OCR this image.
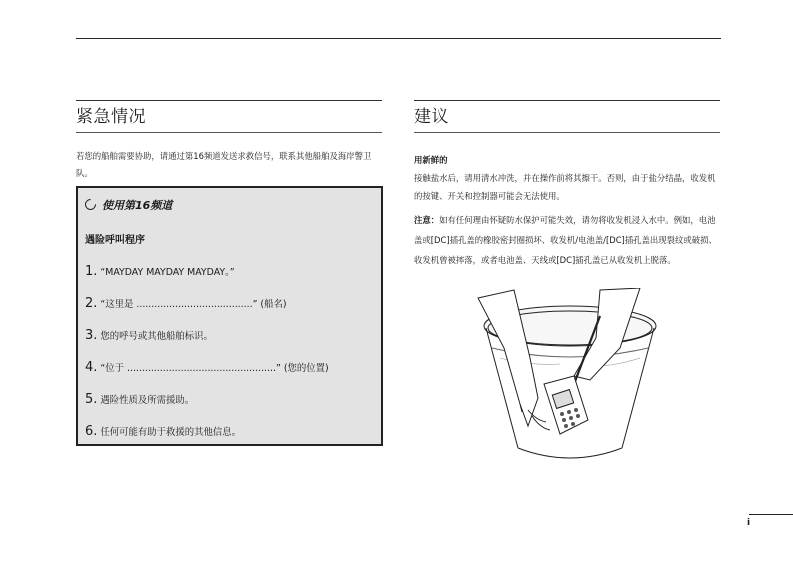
紧急情况
若您的船舶需要协助，请通过第16频道发送求救信号，联系其他船舶及海岸警卫队。
使用第16频道
遇险呼叫程序
1. “MAYDAY MAYDAY MAYDAY。”
2. “这里是 .......................................” (船名)
3. 您的呼号或其他船舶标识。
4. “位于 ..................................................” (您的位置)
5. 遇险性质及所需援助。
6. 任何可能有助于救援的其他信息。
建议
用新鲜的
接触盐水后，请用清水冲洗，并在操作前将其擦干。否则，由于盐分结晶，收发机的按键、开关和控制器可能会无法使用。
注意：如有任何理由怀疑防水保护可能失效，请勿将收发机浸入水中。例如，电池盖或[DC]插孔盖的橡胶密封圈损坏、收发机/电池盖/[DC]插孔盖出现裂纹或破损、收发机曾被摔落，或者电池盖、天线或[DC]插孔盖已从收发机上脱落。
i
